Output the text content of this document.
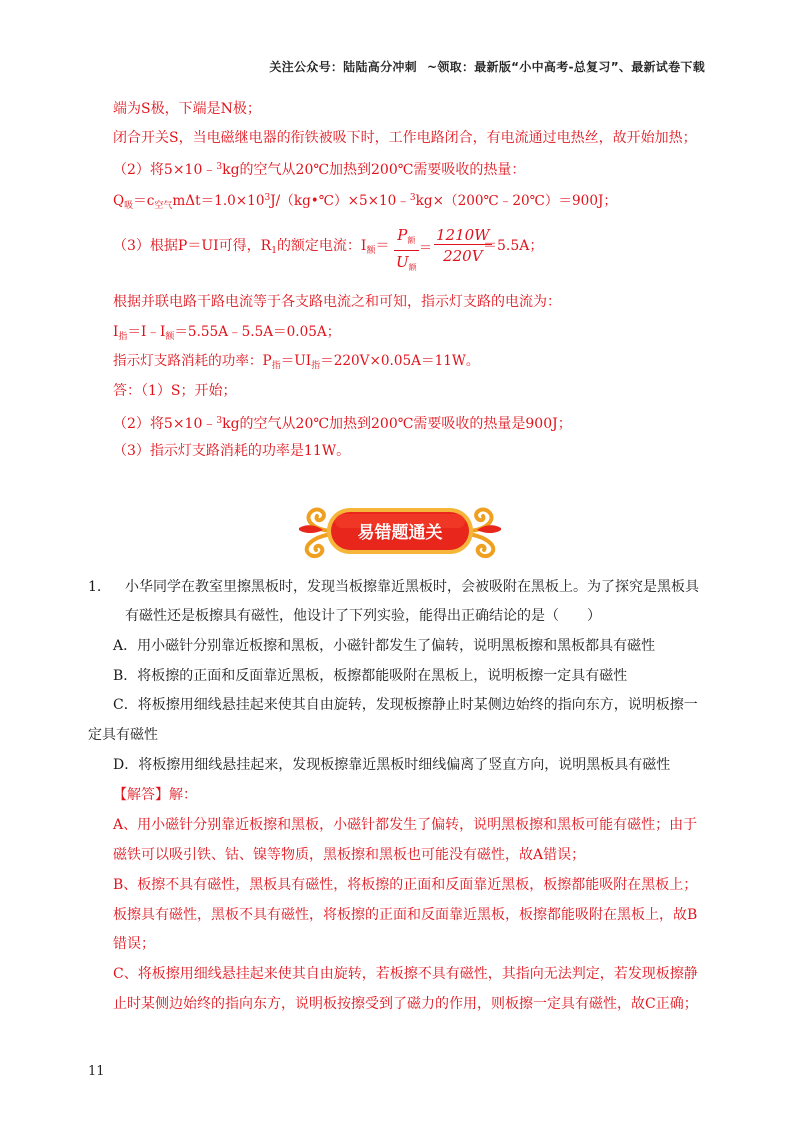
关注公众号：陆陆高分冲刺 ~领取：最新版“小中高考-总复习”、最新试卷下载
端为S极，下端是N极；
闭合开关S，当电磁继电器的衔铁被吸下时，工作电路闭合，有电流通过电热丝，故开始加热；
（2）将5×10﹣$^3$kg的空气从20℃加热到200℃需要吸收的热量：
$Q_吸=c_{空气}m\Delta t=1.0\times 10^3J/(kg•℃)\times 5\times 10﹣^3kg\times(200℃﹣20℃)=900J$；
（3）根据P＝UI可得，$R_1$的额定电流：$I_额=$
$P_额$
$U_额$
＝ $\frac{1210W}{220V}$
＝5.5A；
根据并联电路干路电流等于各支路电流之和可知，指示灯支路的电流为：
$I_指=I﹣I_额=5.55A﹣5.5A=0.05A$；
指示灯支路消耗的功率：$P_指=UI_指=220V\times 0.05A=11W$。
答：（1）S；开始；
（2）将5×10﹣$^3$kg的空气从20℃加热到200℃需要吸收的热量是900J；
（3）指示灯支路消耗的功率是11W。
易错题通关
1. 小华同学在教室里擦黑板时，发现当板擦靠近黑板时，会被吸附在黑板上。为了探究是黑板具
有磁性还是板擦具有磁性，他设计了下列实验，能得出正确结论的是（　　）
A．用小磁针分别靠近板擦和黑板，小磁针都发生了偏转，说明黑板擦和黑板都具有磁性
B．将板擦的正面和反面靠近黑板，板擦都能吸附在黑板上，说明板擦一定具有磁性
C．将板擦用细线悬挂起来使其自由旋转，发现板擦静止时某侧边始终的指向东方，说明板擦一
定具有磁性
D．将板擦用细线悬挂起来，发现板擦靠近黑板时细线偏离了竖直方向，说明黑板具有磁性
【解答】解：
A、用小磁针分别靠近板擦和黑板，小磁针都发生了偏转，说明黑板擦和黑板可能有磁性；由于
磁铁可以吸引铁、钴、镍等物质，黑板擦和黑板也可能没有磁性，故A错误；
B、板擦不具有磁性，黑板具有磁性，将板擦的正面和反面靠近黑板，板擦都能吸附在黑板上；
板擦具有磁性，黑板不具有磁性，将板擦的正面和反面靠近黑板，板擦都能吸附在黑板上，故B
错误；
C、将板擦用细线悬挂起来使其自由旋转，若板擦不具有磁性，其指向无法判定，若发现板擦静
止时某侧边始终的指向东方，说明板按擦受到了磁力的作用，则板擦一定具有磁性，故C正确；
11
